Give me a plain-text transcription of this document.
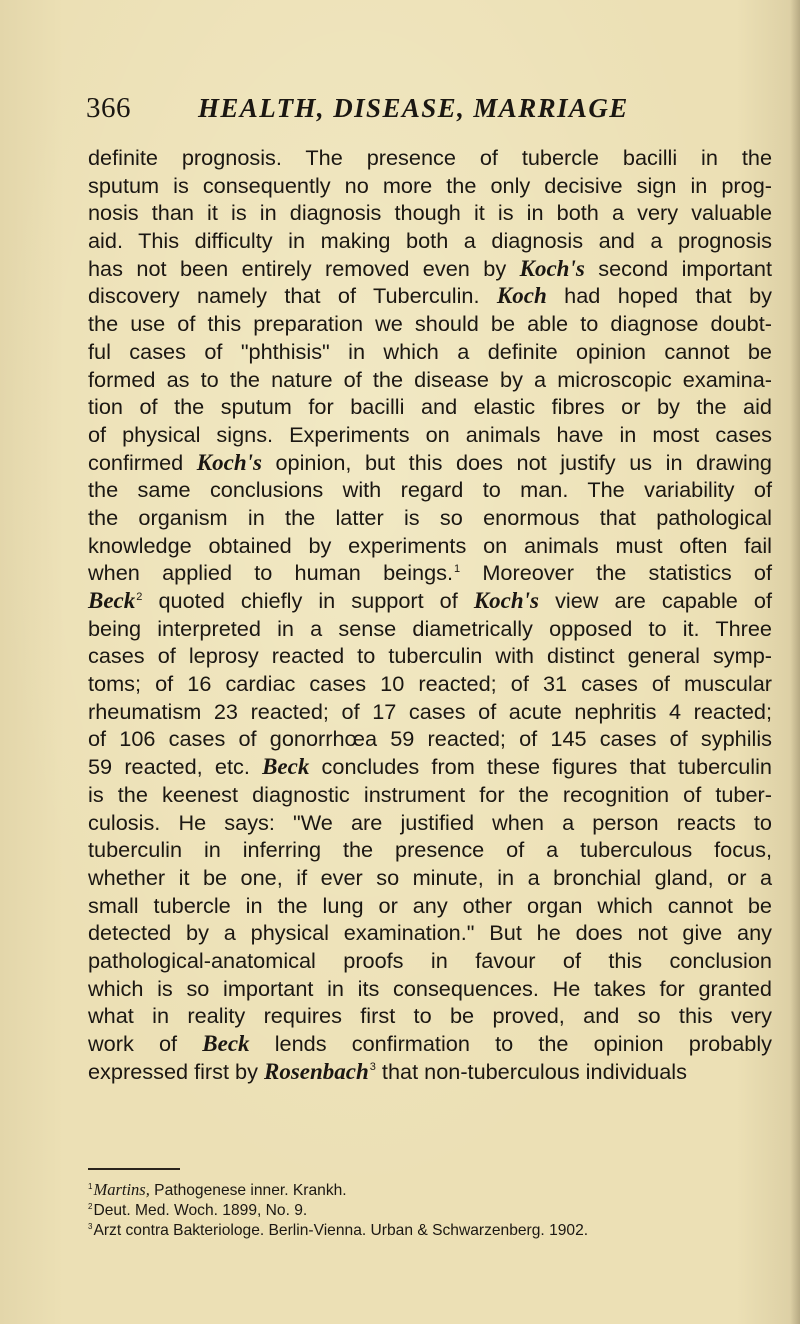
366 HEALTH, DISEASE, MARRIAGE
definite prognosis. The presence of tubercle bacilli in the
sputum is consequently no more the only decisive sign in prog-
nosis than it is in diagnosis though it is in both a very valuable
aid. This difficulty in making both a diagnosis and a prognosis
has not been entirely removed even by Koch's second important
discovery namely that of Tuberculin. Koch had hoped that by
the use of this preparation we should be able to diagnose doubt-
ful cases of "phthisis" in which a definite opinion cannot be
formed as to the nature of the disease by a microscopic examina-
tion of the sputum for bacilli and elastic fibres or by the aid
of physical signs. Experiments on animals have in most cases
confirmed Koch's opinion, but this does not justify us in drawing
the same conclusions with regard to man. The variability of
the organism in the latter is so enormous that pathological
knowledge obtained by experiments on animals must often fail
when applied to human beings.$^1$ Moreover the statistics of
Beck$^2$ quoted chiefly in support of Koch's view are capable of
being interpreted in a sense diametrically opposed to it. Three
cases of leprosy reacted to tuberculin with distinct general symp-
toms; of 16 cardiac cases 10 reacted; of 31 cases of muscular
rheumatism 23 reacted; of 17 cases of acute nephritis 4 reacted;
of 106 cases of gonorrhœa 59 reacted; of 145 cases of syphilis
59 reacted, etc. Beck concludes from these figures that tuberculin
is the keenest diagnostic instrument for the recognition of tuber-
culosis. He says: "We are justified when a person reacts to
tuberculin in inferring the presence of a tuberculous focus,
whether it be one, if ever so minute, in a bronchial gland, or a
small tubercle in the lung or any other organ which cannot be
detected by a physical examination." But he does not give any
pathological-anatomical proofs in favour of this conclusion
which is so important in its consequences. He takes for granted
what in reality requires first to be proved, and so this very
work of Beck lends confirmation to the opinion probably
expressed first by Rosenbach$^3$ that non-tuberculous individuals
$^1$Martins, Pathogenese inner. Krankh.
$^2$Deut. Med. Woch. 1899, No. 9.
$^3$Arzt contra Bakteriologe. Berlin-Vienna. Urban & Schwarzenberg. 1902.
